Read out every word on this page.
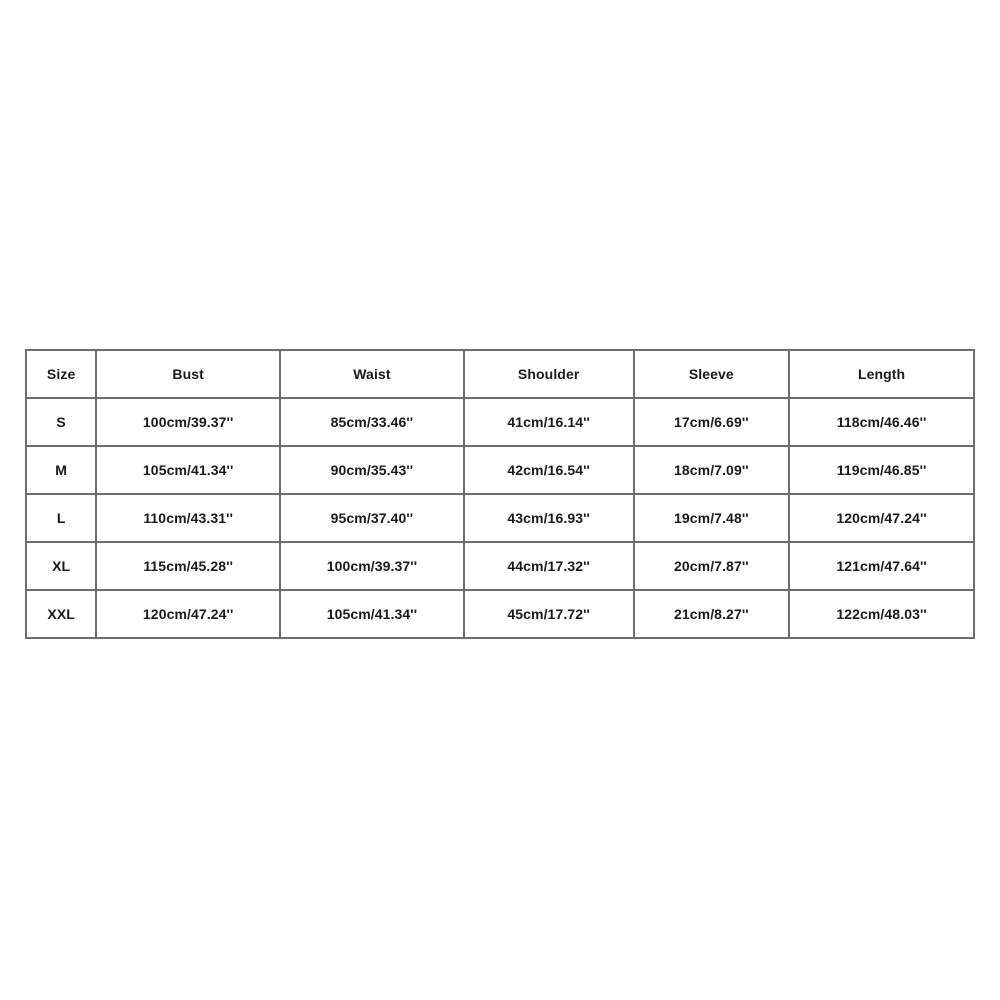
Size	Bust	Waist	Shoulder	Sleeve	Length
S	100cm/39.37''	85cm/33.46''	41cm/16.14''	17cm/6.69''	118cm/46.46''
M	105cm/41.34''	90cm/35.43''	42cm/16.54''	18cm/7.09''	119cm/46.85''
L	110cm/43.31''	95cm/37.40''	43cm/16.93''	19cm/7.48''	120cm/47.24''
XL	115cm/45.28''	100cm/39.37''	44cm/17.32''	20cm/7.87''	121cm/47.64''
XXL	120cm/47.24''	105cm/41.34''	45cm/17.72''	21cm/8.27''	122cm/48.03''
